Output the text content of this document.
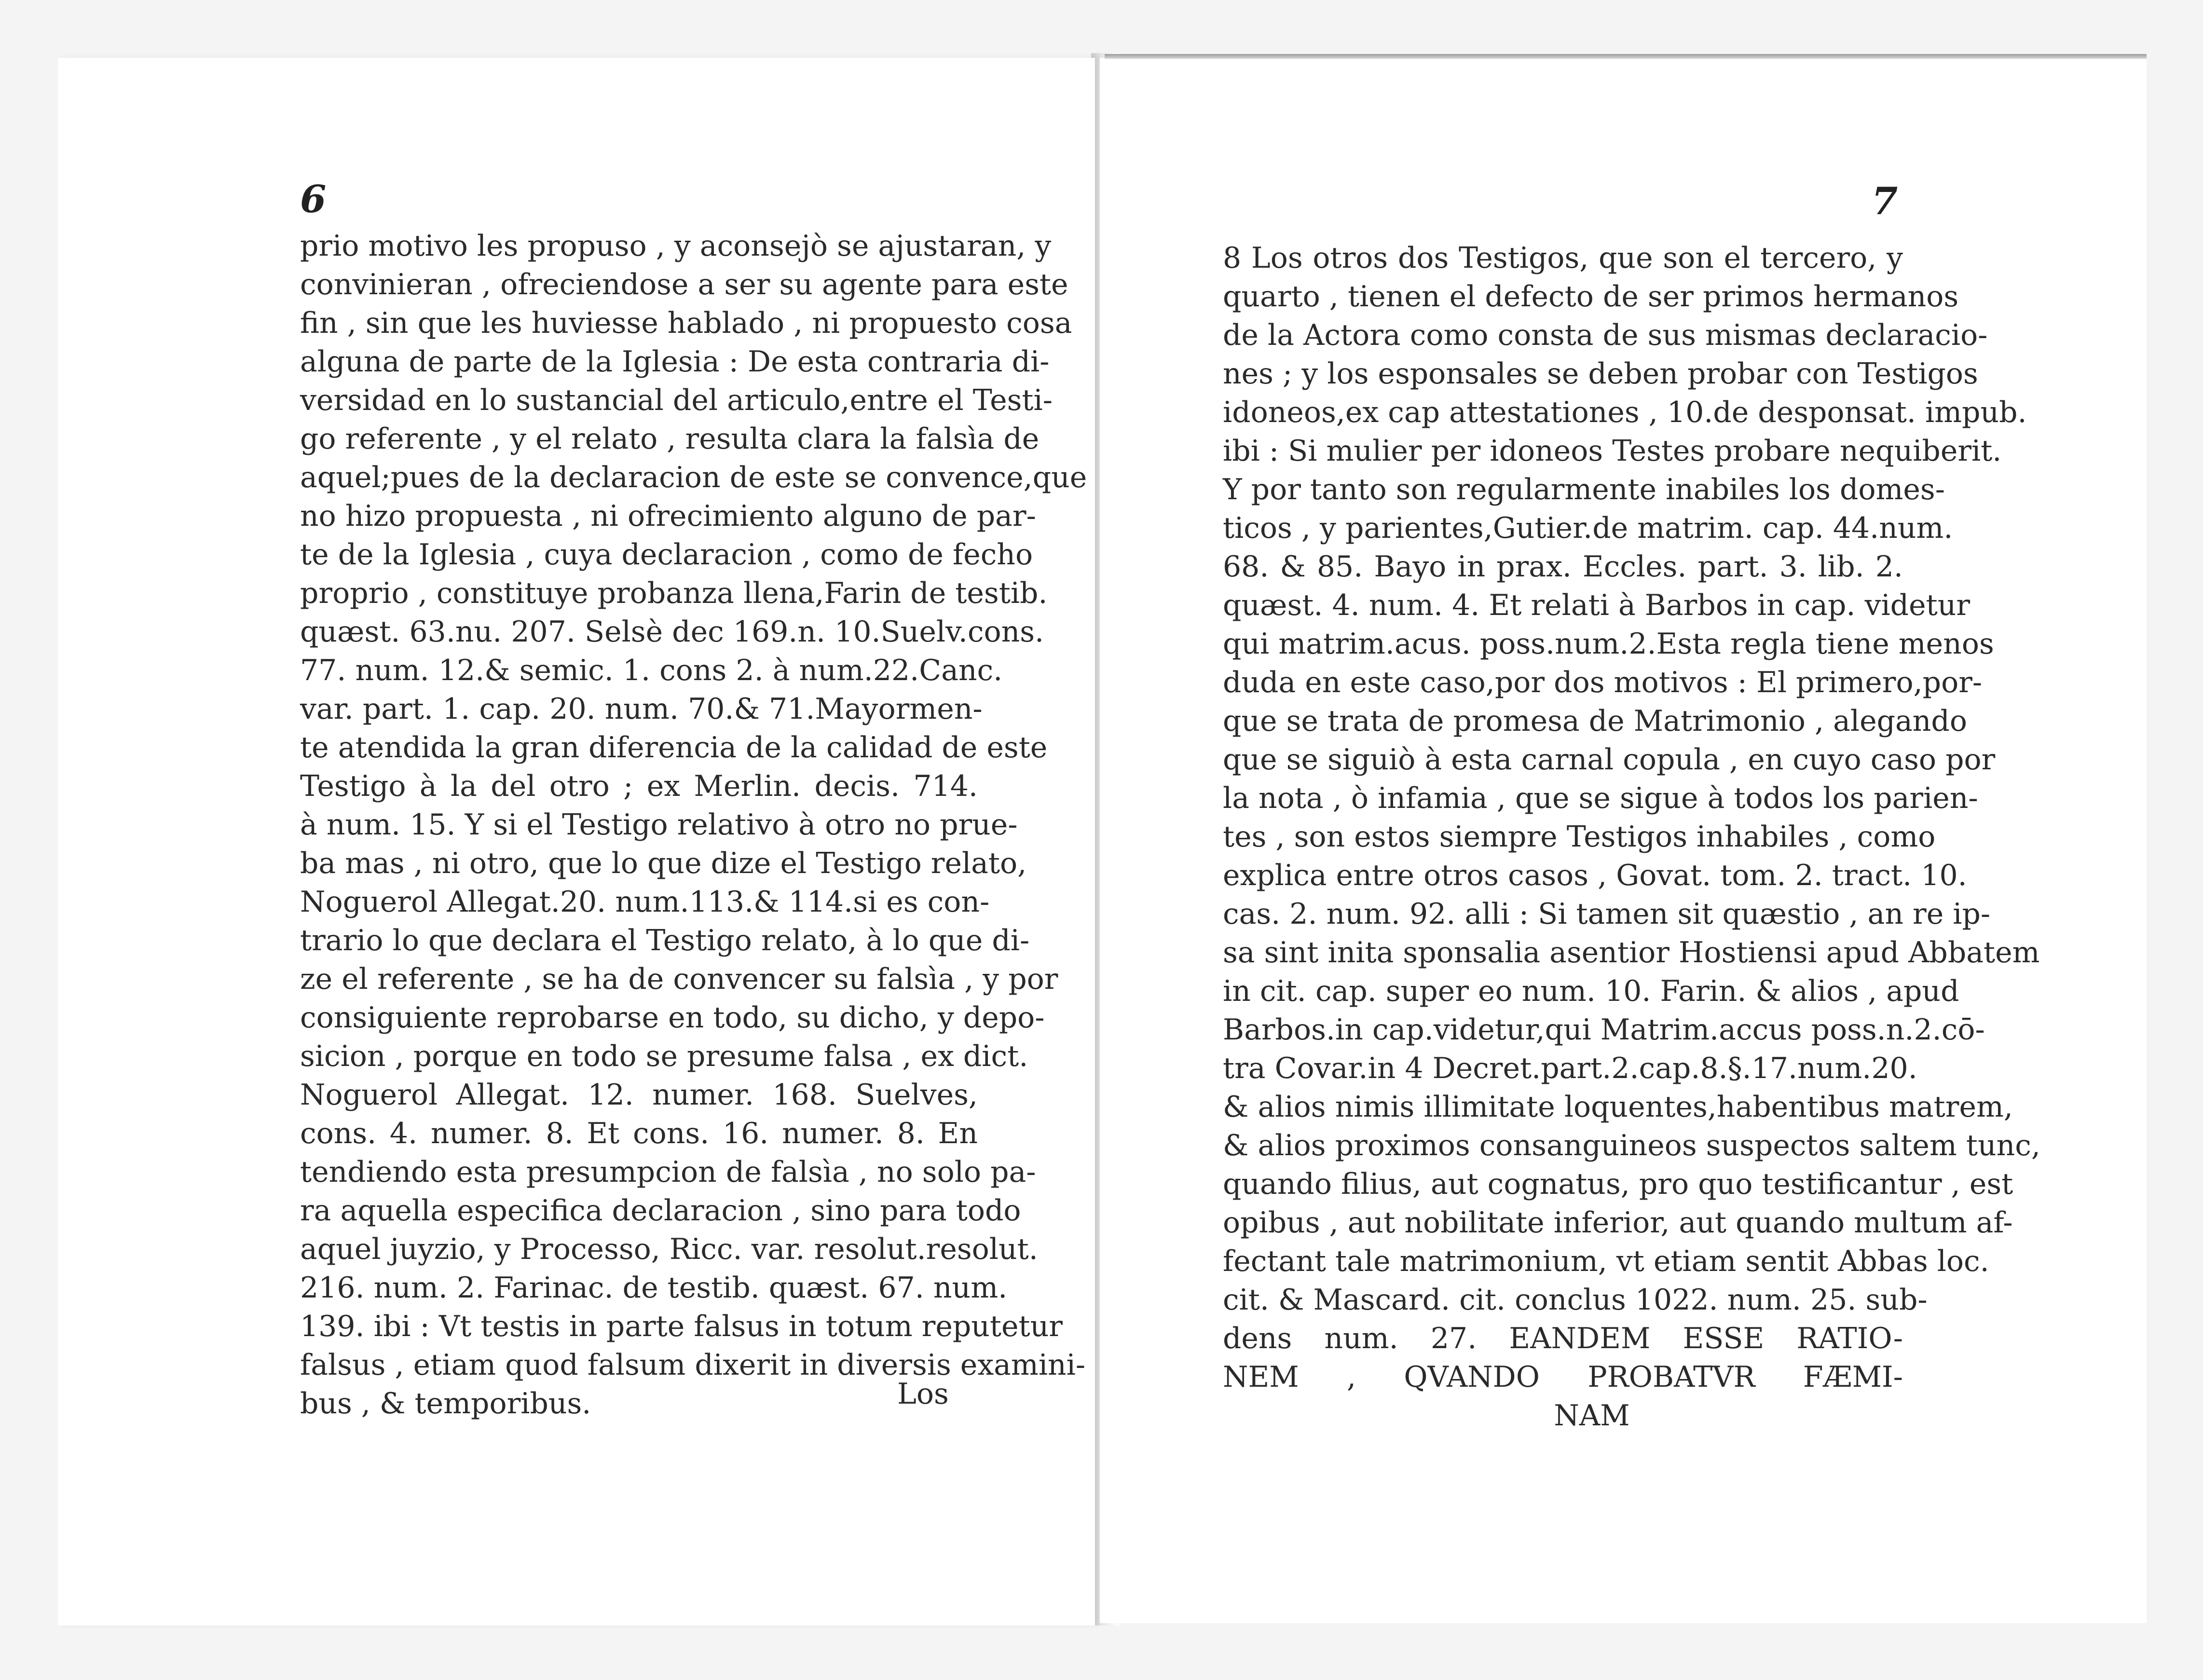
6	7
prio motivo les propuso , y aconsejò se ajustaran, y
convinieran , ofreciendose a ser su agente para este
fin , sin que les huviesse hablado , ni propuesto cosa
alguna de parte de la Iglesia : De esta contraria di-
versidad en lo sustancial del articulo,entre el Testi-
go referente , y el relato , resulta clara la falsìa de
aquel;pues de la declaracion de este se convence,que
no hizo propuesta , ni ofrecimiento alguno de par-
te de la Iglesia , cuya declaracion , como de fecho
proprio , constituye probanza llena,Farin de testib.
quæst. 63.nu. 207. Selsè dec 169.n. 10.Suelv.cons.
77. num. 12.& semic. 1. cons 2. à num.22.Canc.
var. part. 1. cap. 20. num. 70.& 71.Mayormen-
te atendida la gran diferencia de la calidad de este
Testigo à la del otro ; ex Merlin. decis. 714.
à num. 15. Y si el Testigo relativo à otro no prue-
ba mas , ni otro, que lo que dize el Testigo relato,
Noguerol Allegat.20. num.113.& 114.si es con-
trario lo que declara el Testigo relato, à lo que di-
ze el referente , se ha de convencer su falsìa , y por
consiguiente reprobarse en todo, su dicho, y depo-
sicion , porque en todo se presume falsa , ex dict.
Noguerol Allegat. 12. numer. 168. Suelves,
cons. 4. numer. 8. Et cons. 16. numer. 8. En
tendiendo esta presumpcion de falsìa , no solo pa-
ra aquella especifica declaracion , sino para todo
aquel juyzio, y Processo, Ricc. var. resolut.resolut.
216. num. 2. Farinac. de testib. quæst. 67. num.
139. ibi : Vt testis in parte falsus in totum reputetur
falsus , etiam quod falsum dixerit in diversis examini-
bus , & temporibus.	Los
8 Los otros dos Testigos, que son el tercero, y
quarto , tienen el defecto de ser primos hermanos
de la Actora como consta de sus mismas declaracio-
nes ; y los esponsales se deben probar con Testigos
idoneos,ex cap attestationes , 10.de desponsat. impub.
ibi : Si mulier per idoneos Testes probare nequiberit.
Y por tanto son regularmente inabiles los domes-
ticos , y parientes,Gutier.de matrim. cap. 44.num.
68. & 85. Bayo in prax. Eccles. part. 3. lib. 2.
quæst. 4. num. 4. Et relati à Barbos in cap. videtur
qui matrim.acus. poss.num.2.Esta regla tiene menos
duda en este caso,por dos motivos : El primero,por-
que se trata de promesa de Matrimonio , alegando
que se siguiò à esta carnal copula , en cuyo caso por
la nota , ò infamia , que se sigue à todos los parien-
tes , son estos siempre Testigos inhabiles , como
explica entre otros casos , Govat. tom. 2. tract. 10.
cas. 2. num. 92. alli : Si tamen sit quæstio , an re ip-
sa sint inita sponsalia asentior Hostiensi apud Abbatem
in cit. cap. super eo num. 10. Farin. & alios , apud
Barbos.in cap.videtur,qui Matrim.accus poss.n.2.cō-
tra Covar.in 4 Decret.part.2.cap.8.§.17.num.20.
& alios nimis illimitate loquentes,habentibus matrem,
& alios proximos consanguineos suspectos saltem tunc,
quando filius, aut cognatus, pro quo testificantur , est
opibus , aut nobilitate inferior, aut quando multum af-
fectant tale matrimonium, vt etiam sentit Abbas loc.
cit. & Mascard. cit. conclus 1022. num. 25. sub-
dens num. 27. EANDEM ESSE RATIO-
NEM , QVANDO PROBATVR FÆMI-
NAM
